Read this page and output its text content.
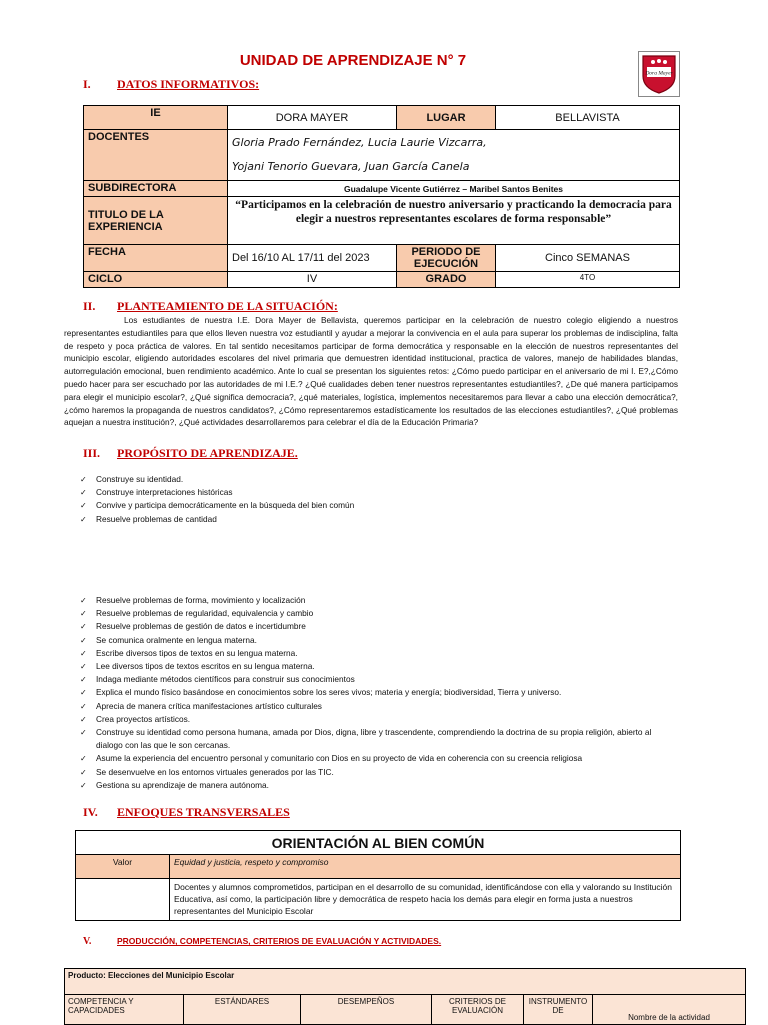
UNIDAD DE APRENDIZAJE N° 7
Dora Mayer
I. DATOS INFORMATIVOS:
IE	DORA MAYER	LUGAR	BELLAVISTA
DOCENTES	Gloria Prado Fernández, Lucia Laurie Vizcarra,
Yojani Tenorio Guevara, Juan García Canela		

SUBDIRECTORA	Guadalupe Vicente Gutiérrez – Maribel Santos Benites		
TITULO DE LA EXPERIENCIA	“Participamos en la celebración de nuestro aniversario y practicando la democracia para elegir a nuestros representantes escolares de forma responsable”		
FECHA	Del 16/10 AL 17/11 del 2023	PERIODO DE EJECUCIÓN	Cinco SEMANAS
CICLO	IV	GRADO	4TO
II. PLANTEAMIENTO DE LA SITUACIÓN:
Los estudiantes de nuestra I.E. Dora Mayer de Bellavista, queremos participar en la celebración de nuestro colegio eligiendo a nuestros representantes estudiantiles para que ellos lleven nuestra voz estudiantil y ayudar a mejorar la convivencia en el aula para superar los problemas de indisciplina, falta de respeto y poca práctica de valores. En tal sentido necesitamos participar de forma democrática y responsable en la elección de nuestros representantes del municipio escolar, eligiendo autoridades escolares del nivel primaria que demuestren identidad institucional, practica de valores, manejo de habilidades blandas, autorregulación emocional, buen rendimiento académico. Ante lo cual se presentan los siguientes retos: ¿Cómo puedo participar en el aniversario de mi I. E?,¿Cómo puedo hacer para ser escuchado por las autoridades de mi I.E.? ¿Qué cualidades deben tener nuestros representantes estudiantiles?, ¿De qué manera participamos para elegir el municipio escolar?, ¿Qué significa democracia?, ¿qué materiales, logística, implementos necesitaremos para llevar a cabo una elección democrática?, ¿cómo haremos la propaganda de nuestros candidatos?, ¿Cómo representaremos estadísticamente los resultados de las elecciones estudiantiles?, ¿Qué problemas aquejan a nuestra institución?, ¿Qué actividades desarrollaremos para celebrar el día de la Educación Primaria?
III. PROPÓSITO DE APRENDIZAJE.
✓ Construye su identidad.
✓ Construye interpretaciones históricas
✓ Convive y participa democráticamente en la búsqueda del bien común
✓ Resuelve problemas de cantidad
✓ Resuelve problemas de forma, movimiento y localización
✓ Resuelve problemas de regularidad, equivalencia y cambio
✓ Resuelve problemas de gestión de datos e incertidumbre
✓ Se comunica oralmente en lengua materna.
✓ Escribe diversos tipos de textos en su lengua materna.
✓ Lee diversos tipos de textos escritos en su lengua materna.
✓ Indaga mediante métodos científicos para construir sus conocimientos
✓ Explica el mundo físico basándose en conocimientos sobre los seres vivos; materia y energía; biodiversidad, Tierra y universo.
✓ Aprecia de manera crítica manifestaciones artístico culturales
✓ Crea proyectos artísticos.
✓ Construye su identidad como persona humana, amada por Dios, digna, libre y trascendente, comprendiendo la doctrina de su propia religión, abierto al dialogo con las que le son cercanas.
✓ Asume la experiencia del encuentro personal y comunitario con Dios en su proyecto de vida en coherencia con su creencia religiosa
✓ Se desenvuelve en los entornos virtuales generados por las TIC.
✓ Gestiona su aprendizaje de manera autónoma.
IV. ENFOQUES TRANSVERSALES
ORIENTACIÓN AL BIEN COMÚN	
Valor	Equidad y justicia, respeto y compromiso
	Docentes y alumnos comprometidos, participan en el desarrollo de su comunidad, identificándose con ella y valorando su Institución Educativa, así como, la participación libre y democrática de respeto hacia los demás para elegir en forma justa a nuestros representantes del Municipio Escolar
V.	PRODUCCIÓN, COMPETENCIAS, CRITERIOS DE EVALUACIÓN Y ACTIVIDADES.
Producto: Elecciones del Municipio Escolar
COMPETENCIA Y CAPACIDADES	ESTÁNDARES	DESEMPEÑOS	CRITERIOS DE EVALUACIÓN	INSTRUMENTO DE	Nombre de la actividad
